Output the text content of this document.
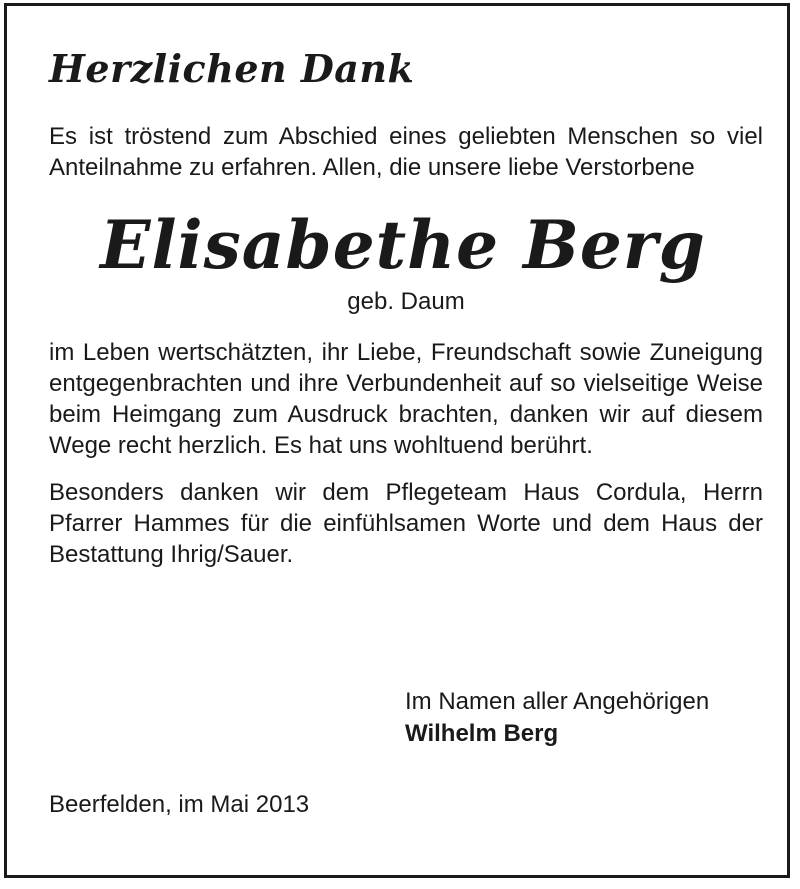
Herzlichen Dank

Es ist tröstend zum Abschied eines geliebten Menschen so viel Anteilnahme zu erfahren. Allen, die unsere liebe Verstorbene

Elisabethe Berg
geb. Daum

im Leben wertschätzten, ihr Liebe, Freundschaft sowie Zuneigung entgegenbrachten und ihre Verbundenheit auf so vielseitige Weise beim Heimgang zum Ausdruck brachten, danken wir auf diesem Wege recht herzlich. Es hat uns wohltuend berührt.

Besonders danken wir dem Pflegeteam Haus Cordula, Herrn Pfarrer Hammes für die einfühlsamen Worte und dem Haus der Bestattung Ihrig/Sauer.

Im Namen aller Angehörigen
Wilhelm Berg
Beerfelden, im Mai 2013
